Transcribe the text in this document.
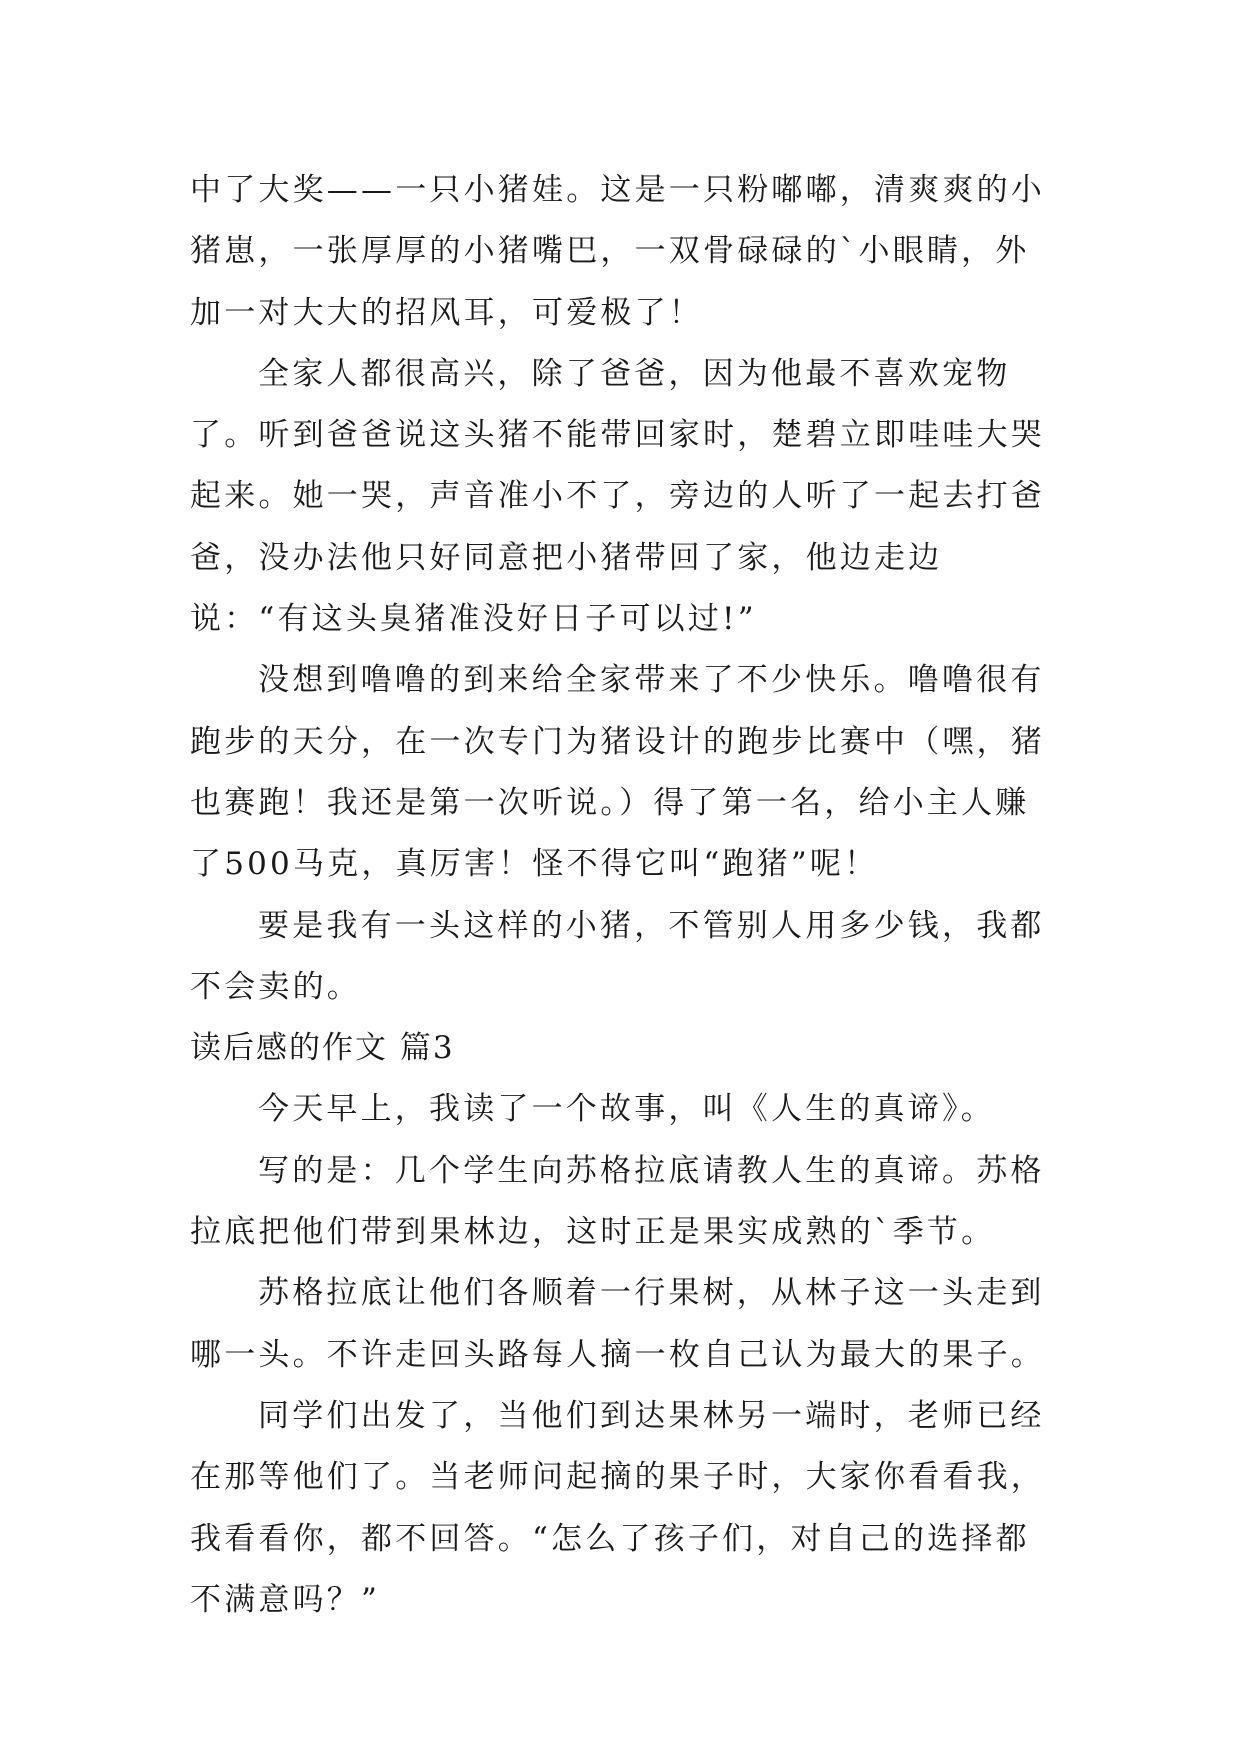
中了大奖——一只小猪娃。这是一只粉嘟嘟，清爽爽的小猪崽，一张厚厚的小猪嘴巴，一双骨碌碌的`小眼睛，外加一对大大的招风耳，可爱极了！

全家人都很高兴，除了爸爸，因为他最不喜欢宠物了。听到爸爸说这头猪不能带回家时，楚碧立即哇哇大哭起来。她一哭，声音准小不了，旁边的人听了一起去打爸爸，没办法他只好同意把小猪带回了家，他边走边说：“有这头臭猪准没好日子可以过!”

没想到噜噜的到来给全家带来了不少快乐。噜噜很有跑步的天分，在一次专门为猪设计的跑步比赛中（嘿，猪也赛跑！我还是第一次听说。）得了第一名，给小主人赚了500马克，真厉害！怪不得它叫“跑猪”呢！

要是我有一头这样的小猪，不管别人用多少钱，我都不会卖的。

读后感的作文 篇3

今天早上，我读了一个故事，叫《人生的真谛》。

写的是：几个学生向苏格拉底请教人生的真谛。苏格拉底把他们带到果林边，这时正是果实成熟的`季节。

苏格拉底让他们各顺着一行果树，从林子这一头走到哪一头。不许走回头路每人摘一枚自己认为最大的果子。

同学们出发了，当他们到达果林另一端时，老师已经在那等他们了。当老师问起摘的果子时，大家你看看我，我看看你，都不回答。“怎么了孩子们，对自己的选择都不满意吗？”
